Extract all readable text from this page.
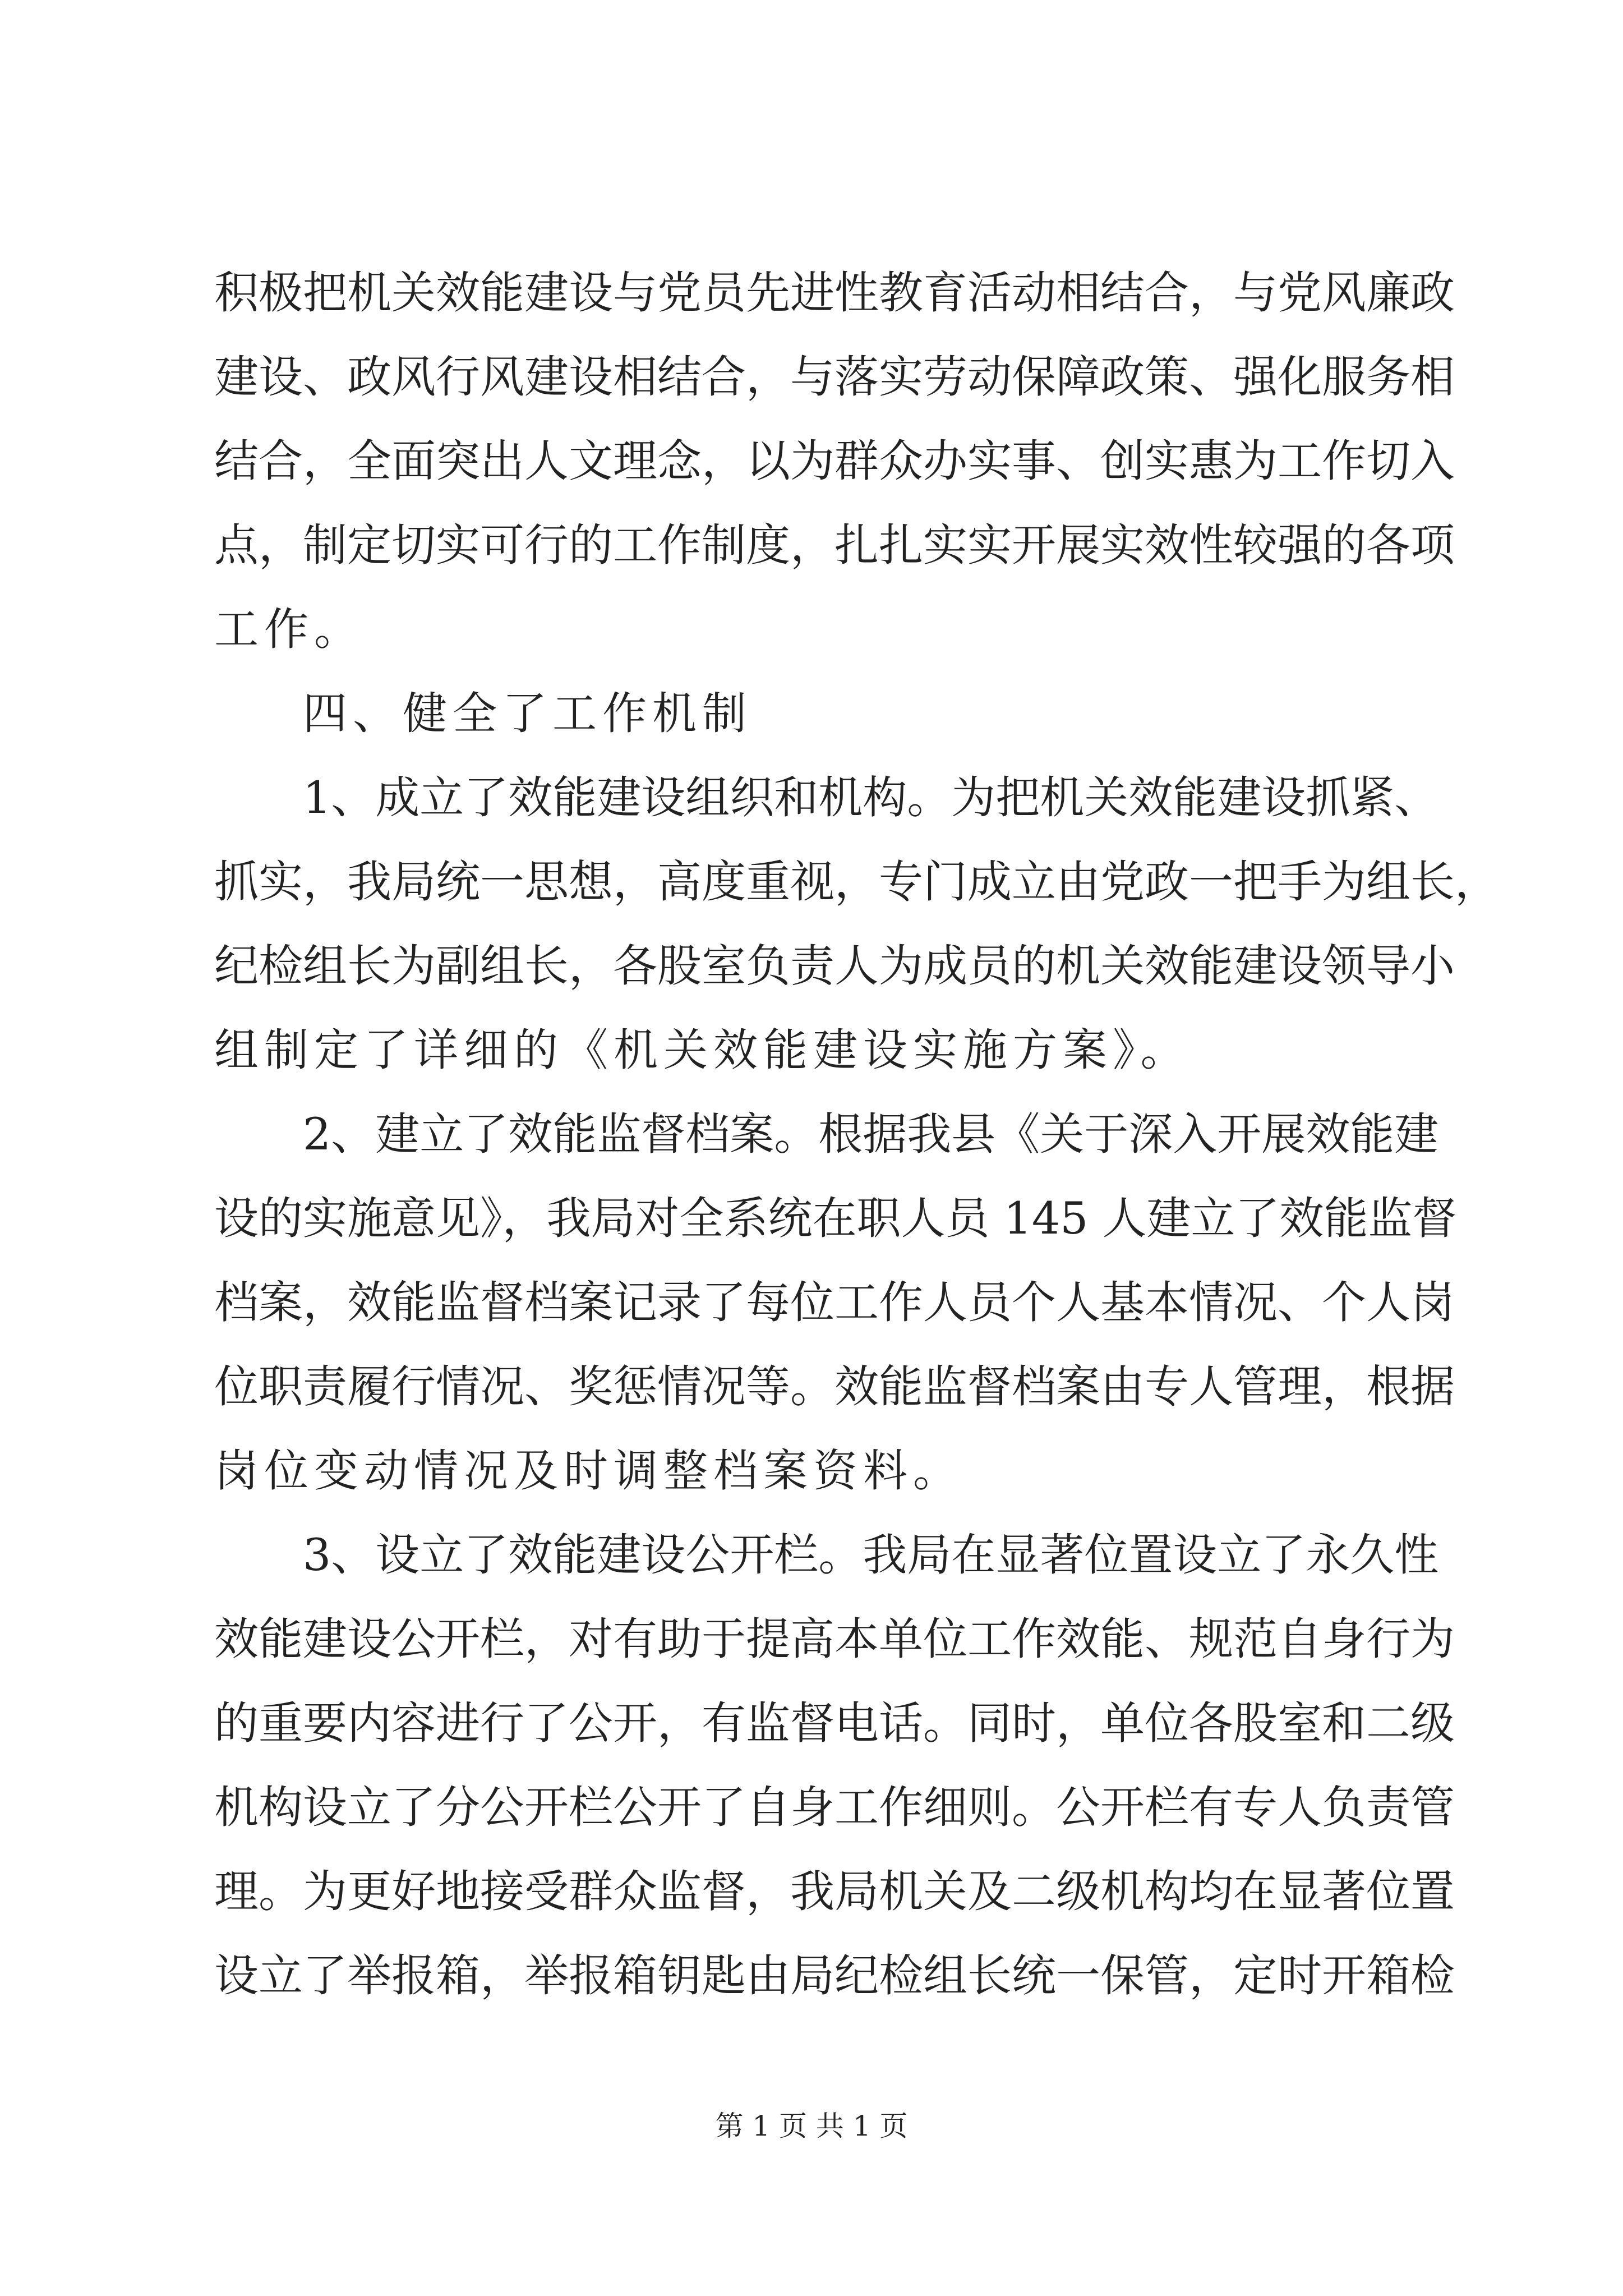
积极把机关效能建设与党员先进性教育活动相结合，与党风廉政
建设、政风行风建设相结合，与落实劳动保障政策、强化服务相
结合，全面突出人文理念，以为群众办实事、创实惠为工作切入
点，制定切实可行的工作制度，扎扎实实开展实效性较强的各项
工作。
四、健全了工作机制
1、成立了效能建设组织和机构。为把机关效能建设抓紧、
抓实，我局统一思想，高度重视，专门成立由党政一把手为组长，
纪检组长为副组长，各股室负责人为成员的机关效能建设领导小
组制定了详细的《机关效能建设实施方案》。
2、建立了效能监督档案。根据我县《关于深入开展效能建
设的实施意见》，我局对全系统在职人员 145 人建立了效能监督
档案，效能监督档案记录了每位工作人员个人基本情况、个人岗
位职责履行情况、奖惩情况等。效能监督档案由专人管理，根据
岗位变动情况及时调整档案资料。
3、设立了效能建设公开栏。我局在显著位置设立了永久性
效能建设公开栏，对有助于提高本单位工作效能、规范自身行为
的重要内容进行了公开，有监督电话。同时，单位各股室和二级
机构设立了分公开栏公开了自身工作细则。公开栏有专人负责管
理。为更好地接受群众监督，我局机关及二级机构均在显著位置
设立了举报箱，举报箱钥匙由局纪检组长统一保管，定时开箱检
第 1 页 共 1 页
